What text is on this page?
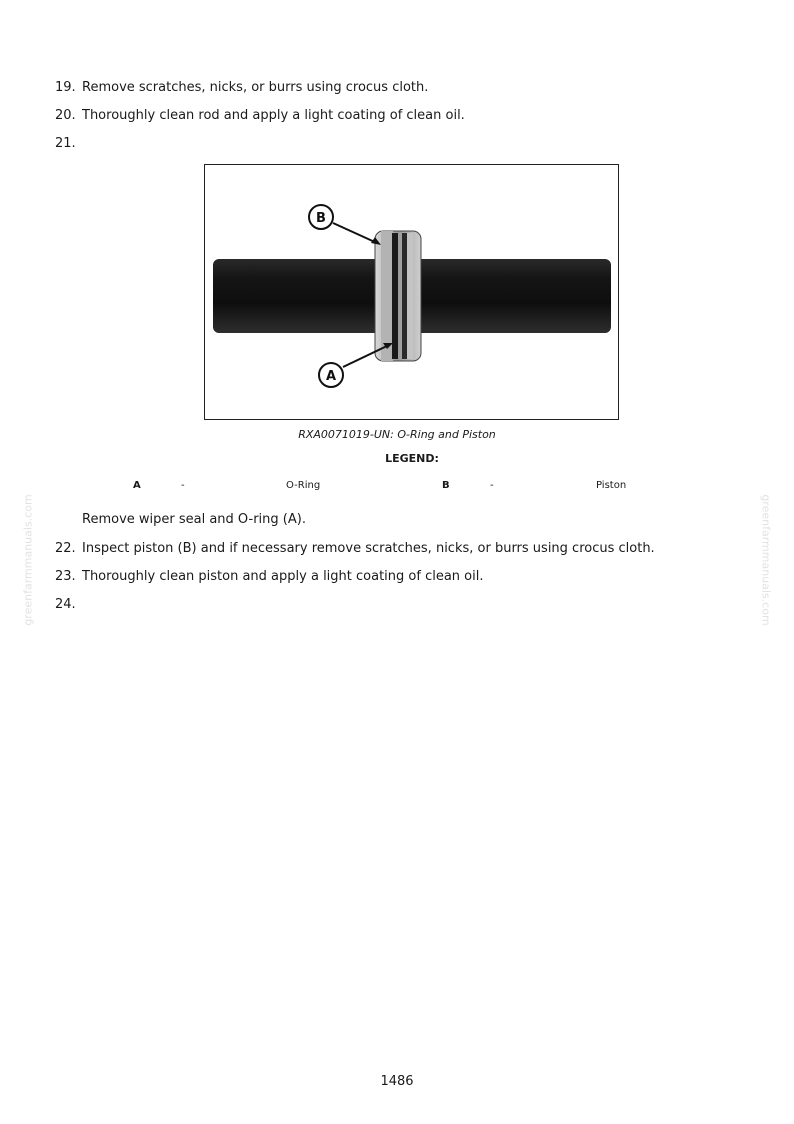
19. Remove scratches, nicks, or burrs using crocus cloth.
20. Thoroughly clean rod and apply a light coating of clean oil.
21.
B
A
RXA0071019-UN: O-Ring and Piston
LEGEND:
A	-	O-Ring	B	-	Piston
Remove wiper seal and O-ring (A).
22. Inspect piston (B) and if necessary remove scratches, nicks, or burrs using crocus cloth.
23. Thoroughly clean piston and apply a light coating of clean oil.
24.
greenfarmmanuals.com	greenfarmmanuals.com
1486
